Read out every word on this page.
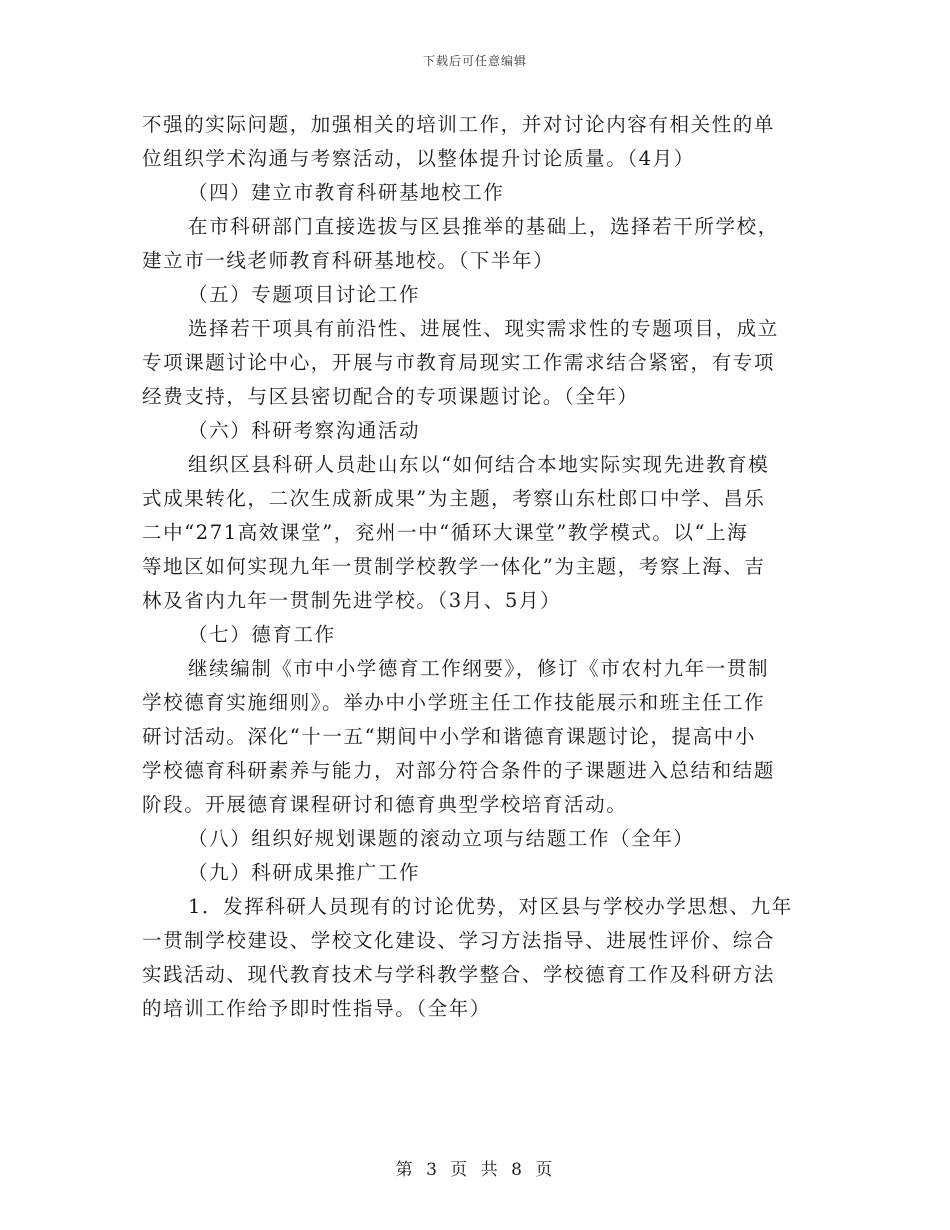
下载后可任意编辑
不强的实际问题，加强相关的培训工作，并对讨论内容有相关性的单
位组织学术沟通与考察活动，以整体提升讨论质量。（4月）
（四）建立市教育科研基地校工作
在市科研部门直接选拔与区县推举的基础上，选择若干所学校，
建立市一线老师教育科研基地校。（下半年）
（五）专题项目讨论工作
选择若干项具有前沿性、进展性、现实需求性的专题项目，成立
专项课题讨论中心，开展与市教育局现实工作需求结合紧密，有专项
经费支持，与区县密切配合的专项课题讨论。（全年）
（六）科研考察沟通活动
组织区县科研人员赴山东以“如何结合本地实际实现先进教育模
式成果转化，二次生成新成果”为主题，考察山东杜郎口中学、昌乐
二中“271高效课堂”，兖州一中“循环大课堂”教学模式。以“上海
等地区如何实现九年一贯制学校教学一体化”为主题，考察上海、吉
林及省内九年一贯制先进学校。（3月、5月）
（七）德育工作
继续编制《市中小学德育工作纲要》，修订《市农村九年一贯制
学校德育实施细则》。举办中小学班主任工作技能展示和班主任工作
研讨活动。深化“十一五“期间中小学和谐德育课题讨论，提高中小
学校德育科研素养与能力，对部分符合条件的子课题进入总结和结题
阶段。开展德育课程研讨和德育典型学校培育活动。
（八）组织好规划课题的滚动立项与结题工作（全年）
（九）科研成果推广工作
1．发挥科研人员现有的讨论优势，对区县与学校办学思想、九年
一贯制学校建设、学校文化建设、学习方法指导、进展性评价、综合
实践活动、现代教育技术与学科教学整合、学校德育工作及科研方法
的培训工作给予即时性指导。（全年）
第 3 页 共 8 页
